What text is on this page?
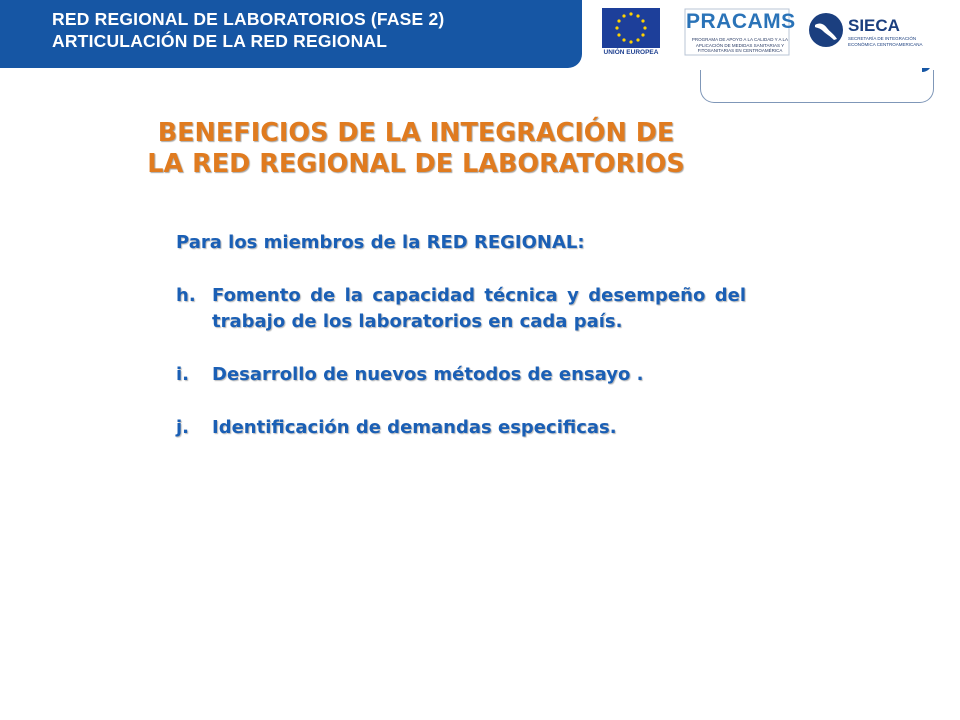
RED REGIONAL DE LABORATORIOS (FASE 2)
ARTICULACIÓN DE LA RED REGIONAL
UNIÓN EUROPEA
PRACAMS
PROGRAMA DE APOYO A LA CALIDAD Y A LA APLICACIÓN DE MEDIDAS SANITARIAS Y FITOSANITARIAS EN CENTROAMÉRICA
SIECA
SECRETARÍA DE INTEGRACIÓN ECONÓMICA CENTROAMERICANA
BENEFICIOS DE LA INTEGRACIÓN DE
LA RED REGIONAL DE LABORATORIOS
Para los miembros de la RED REGIONAL:
h. Fomento de la capacidad técnica y desempeño del trabajo de los laboratorios en cada país.
i.	Desarrollo de nuevos métodos de ensayo .
j.	Identificación de demandas especificas.
